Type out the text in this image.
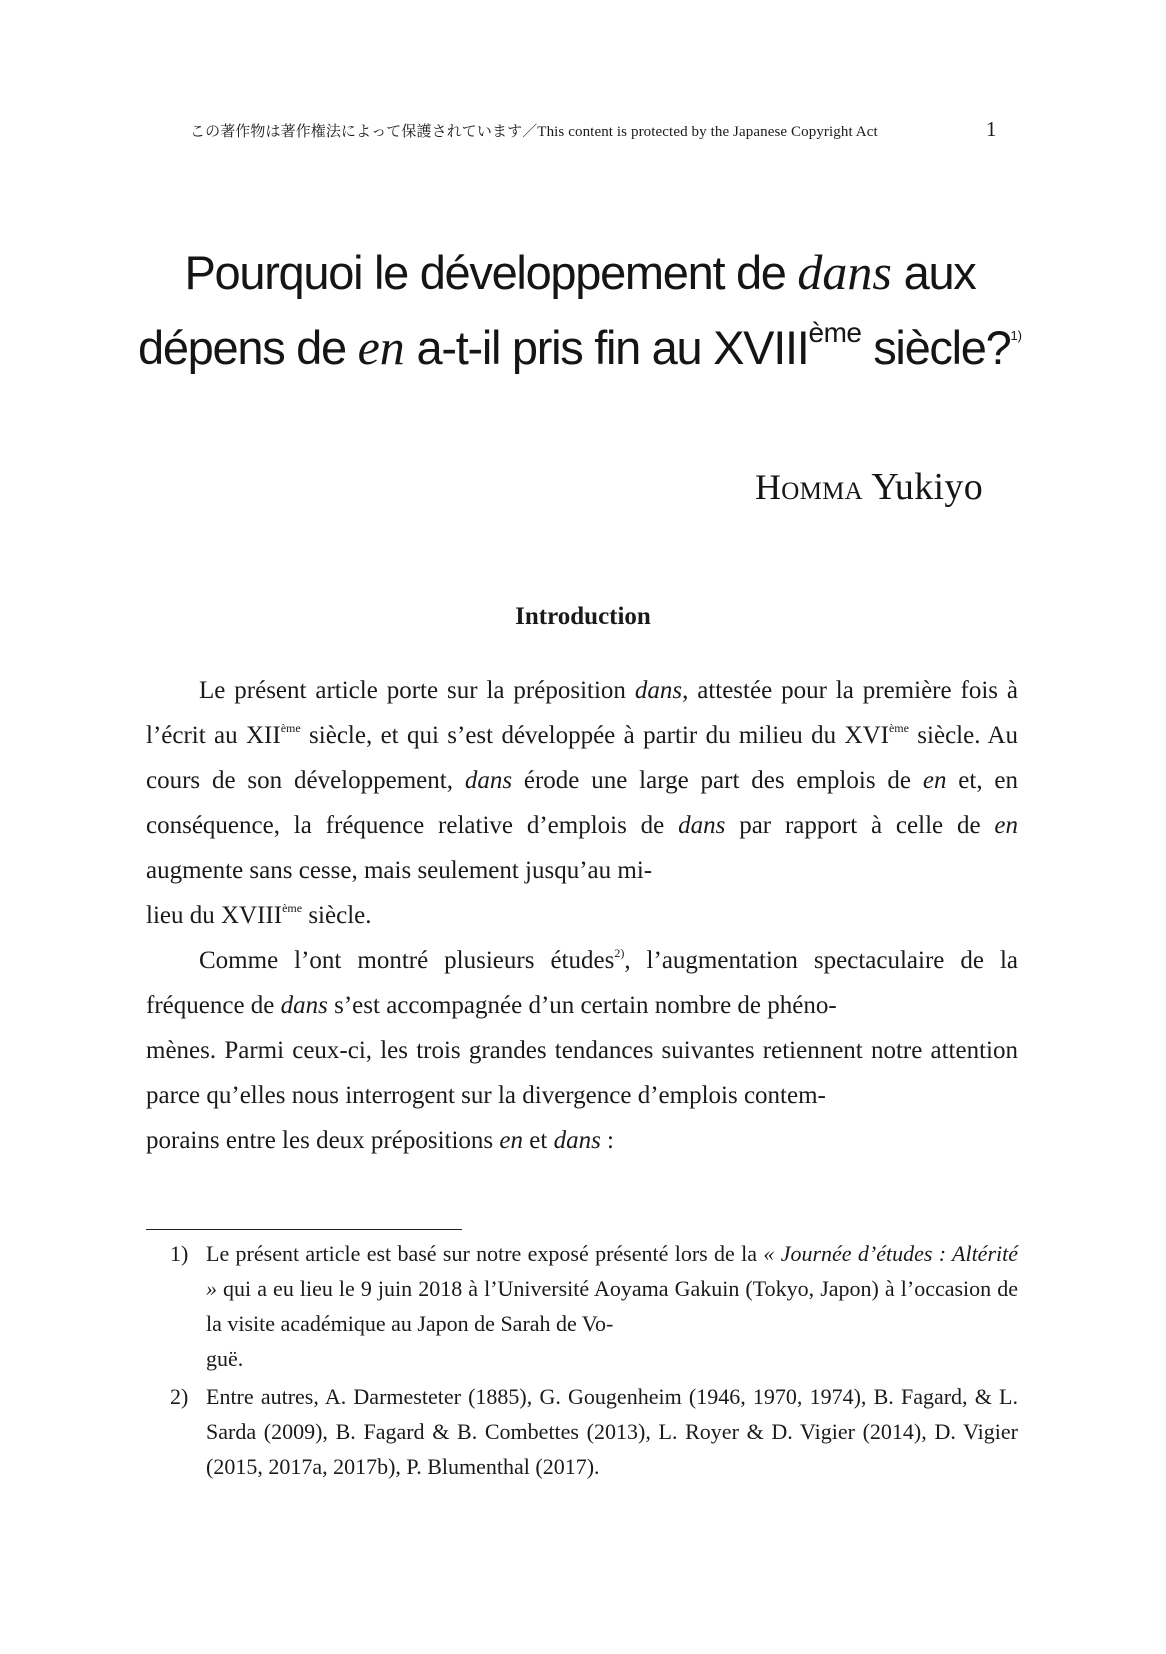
この著作物は著作権法によって保護されています／This content is protected by the Japanese Copyright Act	1
Pourquoi le développement de dans aux dépens de en a-t-il pris fin au XVIIIème siècle?$^{1)}$
Homma Yukiyo
Introduction

Le présent article porte sur la préposition dans, attestée pour la première fois à l’écrit au XIIème siècle, et qui s’est développée à partir du milieu du XVIème siècle. Au cours de son développement, dans érode une large part des emplois de en et, en conséquence, la fréquence relative d’emplois de dans par rapport à celle de en augmente sans cesse, mais seulement jusqu’au mi-
lieu du XVIIIème siècle.

Comme l’ont montré plusieurs études$^{2)}$, l’augmentation spectaculaire de la fréquence de dans s’est accompagnée d’un certain nombre de phéno-
mènes. Parmi ceux-ci, les trois grandes tendances suivantes retiennent notre attention parce qu’elles nous interrogent sur la divergence d’emplois contem-
porains entre les deux prépositions en et dans :

1) Le présent article est basé sur notre exposé présenté lors de la « Journée d’études : Altérité » qui a eu lieu le 9 juin 2018 à l’Université Aoyama Gakuin (Tokyo, Japon) à l’occasion de la visite académique au Japon de Sarah de Vo-
guë.
2) Entre autres, A. Darmesteter (1885), G. Gougenheim (1946, 1970, 1974), B. Fagard, & L. Sarda (2009), B. Fagard & B. Combettes (2013), L. Royer & D. Vigier (2014), D. Vigier (2015, 2017a, 2017b), P. Blumenthal (2017).
